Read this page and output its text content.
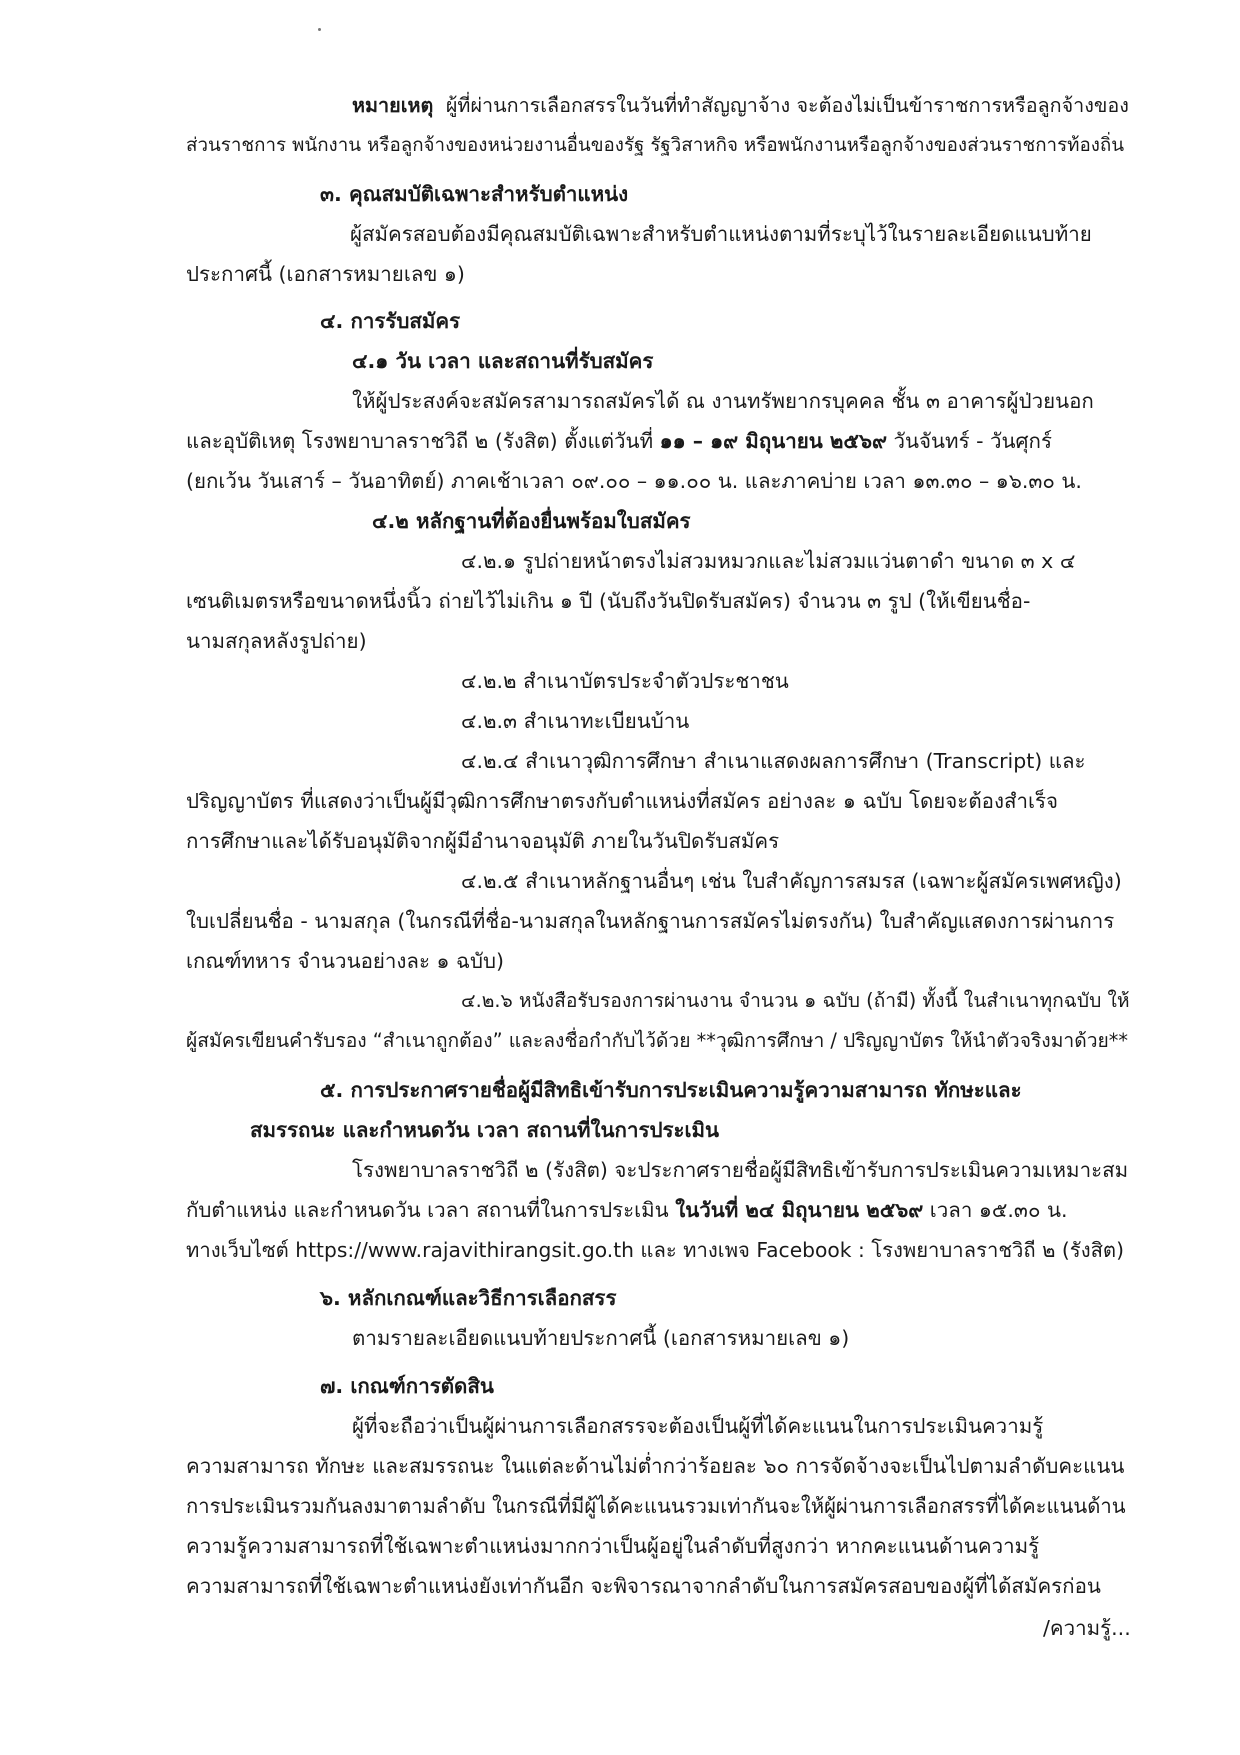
หมายเหตุ ผู้ที่ผ่านการเลือกสรรในวันที่ทำสัญญาจ้าง จะต้องไม่เป็นข้าราชการหรือลูกจ้างของ
ส่วนราชการ พนักงาน หรือลูกจ้างของหน่วยงานอื่นของรัฐ รัฐวิสาหกิจ หรือพนักงานหรือลูกจ้างของส่วนราชการท้องถิ่น
๓. คุณสมบัติเฉพาะสำหรับตำแหน่ง
ผู้สมัครสอบต้องมีคุณสมบัติเฉพาะสำหรับตำแหน่งตามที่ระบุไว้ในรายละเอียดแนบท้าย
ประกาศนี้ (เอกสารหมายเลข ๑)
๔. การรับสมัคร
๔.๑ วัน เวลา และสถานที่รับสมัคร
ให้ผู้ประสงค์จะสมัครสามารถสมัครได้ ณ งานทรัพยากรบุคคล ชั้น ๓ อาคารผู้ป่วยนอก
และอุบัติเหตุ โรงพยาบาลราชวิถี ๒ (รังสิต) ตั้งแต่วันที่ ๑๑ – ๑๙ มิถุนายน ๒๕๖๙ วันจันทร์ - วันศุกร์
(ยกเว้น วันเสาร์ – วันอาทิตย์) ภาคเช้าเวลา ๐๙.๐๐ – ๑๑.๐๐ น. และภาคบ่าย เวลา ๑๓.๓๐ – ๑๖.๓๐ น.
๔.๒ หลักฐานที่ต้องยื่นพร้อมใบสมัคร
๔.๒.๑ รูปถ่ายหน้าตรงไม่สวมหมวกและไม่สวมแว่นตาดำ ขนาด ๓ x ๔
เซนติเมตรหรือขนาดหนึ่งนิ้ว ถ่ายไว้ไม่เกิน ๑ ปี (นับถึงวันปิดรับสมัคร) จำนวน ๓ รูป (ให้เขียนชื่อ-
นามสกุลหลังรูปถ่าย)
๔.๒.๒ สำเนาบัตรประจำตัวประชาชน
๔.๒.๓ สำเนาทะเบียนบ้าน
๔.๒.๔ สำเนาวุฒิการศึกษา สำเนาแสดงผลการศึกษา (Transcript) และ
ปริญญาบัตร ที่แสดงว่าเป็นผู้มีวุฒิการศึกษาตรงกับตำแหน่งที่สมัคร อย่างละ ๑ ฉบับ โดยจะต้องสำเร็จ
การศึกษาและได้รับอนุมัติจากผู้มีอำนาจอนุมัติ ภายในวันปิดรับสมัคร
๔.๒.๕ สำเนาหลักฐานอื่นๆ เช่น ใบสำคัญการสมรส (เฉพาะผู้สมัครเพศหญิง)
ใบเปลี่ยนชื่อ - นามสกุล (ในกรณีที่ชื่อ-นามสกุลในหลักฐานการสมัครไม่ตรงกัน) ใบสำคัญแสดงการผ่านการ
เกณฑ์ทหาร จำนวนอย่างละ ๑ ฉบับ)
๔.๒.๖ หนังสือรับรองการผ่านงาน จำนวน ๑ ฉบับ (ถ้ามี) ทั้งนี้ ในสำเนาทุกฉบับ ให้
ผู้สมัครเขียนคำรับรอง “สำเนาถูกต้อง” และลงชื่อกำกับไว้ด้วย **วุฒิการศึกษา / ปริญญาบัตร ให้นำตัวจริงมาด้วย**
๕. การประกาศรายชื่อผู้มีสิทธิเข้ารับการประเมินความรู้ความสามารถ ทักษะและ
สมรรถนะ และกำหนดวัน เวลา สถานที่ในการประเมิน
โรงพยาบาลราชวิถี ๒ (รังสิต) จะประกาศรายชื่อผู้มีสิทธิเข้ารับการประเมินความเหมาะสม
กับตำแหน่ง และกำหนดวัน เวลา สถานที่ในการประเมิน ในวันที่ ๒๔ มิถุนายน ๒๕๖๙ เวลา ๑๕.๓๐ น.
ทางเว็บไซต์ https://www.rajavithirangsit.go.th และ ทางเพจ Facebook : โรงพยาบาลราชวิถี ๒ (รังสิต)
๖. หลักเกณฑ์และวิธีการเลือกสรร
ตามรายละเอียดแนบท้ายประกาศนี้ (เอกสารหมายเลข ๑)
๗. เกณฑ์การตัดสิน
ผู้ที่จะถือว่าเป็นผู้ผ่านการเลือกสรรจะต้องเป็นผู้ที่ได้คะแนนในการประเมินความรู้
ความสามารถ ทักษะ และสมรรถนะ ในแต่ละด้านไม่ต่ำกว่าร้อยละ ๖๐ การจัดจ้างจะเป็นไปตามลำดับคะแนน
การประเมินรวมกันลงมาตามลำดับ ในกรณีที่มีผู้ได้คะแนนรวมเท่ากันจะให้ผู้ผ่านการเลือกสรรที่ได้คะแนนด้าน
ความรู้ความสามารถที่ใช้เฉพาะตำแหน่งมากกว่าเป็นผู้อยู่ในลำดับที่สูงกว่า หากคะแนนด้านความรู้
ความสามารถที่ใช้เฉพาะตำแหน่งยังเท่ากันอีก จะพิจารณาจากลำดับในการสมัครสอบของผู้ที่ได้สมัครก่อน
/ความรู้...
